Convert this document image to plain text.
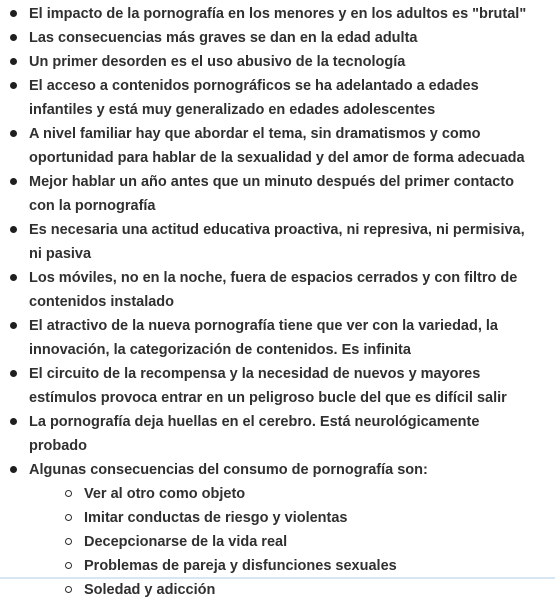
El impacto de la pornografía en los menores y en los adultos es "brutal"
Las consecuencias más graves se dan en la edad adulta
Un primer desorden es el uso abusivo de la tecnología
El acceso a contenidos pornográficos se ha adelantado a edades infantiles y está muy generalizado en edades adolescentes
A nivel familiar hay que abordar el tema, sin dramatismos y como oportunidad para hablar de la sexualidad y del amor de forma adecuada
Mejor hablar un año antes que un minuto después del primer contacto con la pornografía
Es necesaria una actitud educativa proactiva, ni represiva, ni permisiva, ni pasiva
Los móviles, no en la noche, fuera de espacios cerrados y con filtro de contenidos instalado
El atractivo de la nueva pornografía tiene que ver con la variedad, la innovación, la categorización de contenidos. Es infinita
El circuito de la recompensa y la necesidad de nuevos y mayores estímulos provoca entrar en un peligroso bucle del que es difícil salir
La pornografía deja huellas en el cerebro. Está neurológicamente probado
Algunas consecuencias del consumo de pornografía son:
Ver al otro como objeto
Imitar conductas de riesgo y violentas
Decepcionarse de la vida real
Problemas de pareja y disfunciones sexuales
Soledad y adicción
